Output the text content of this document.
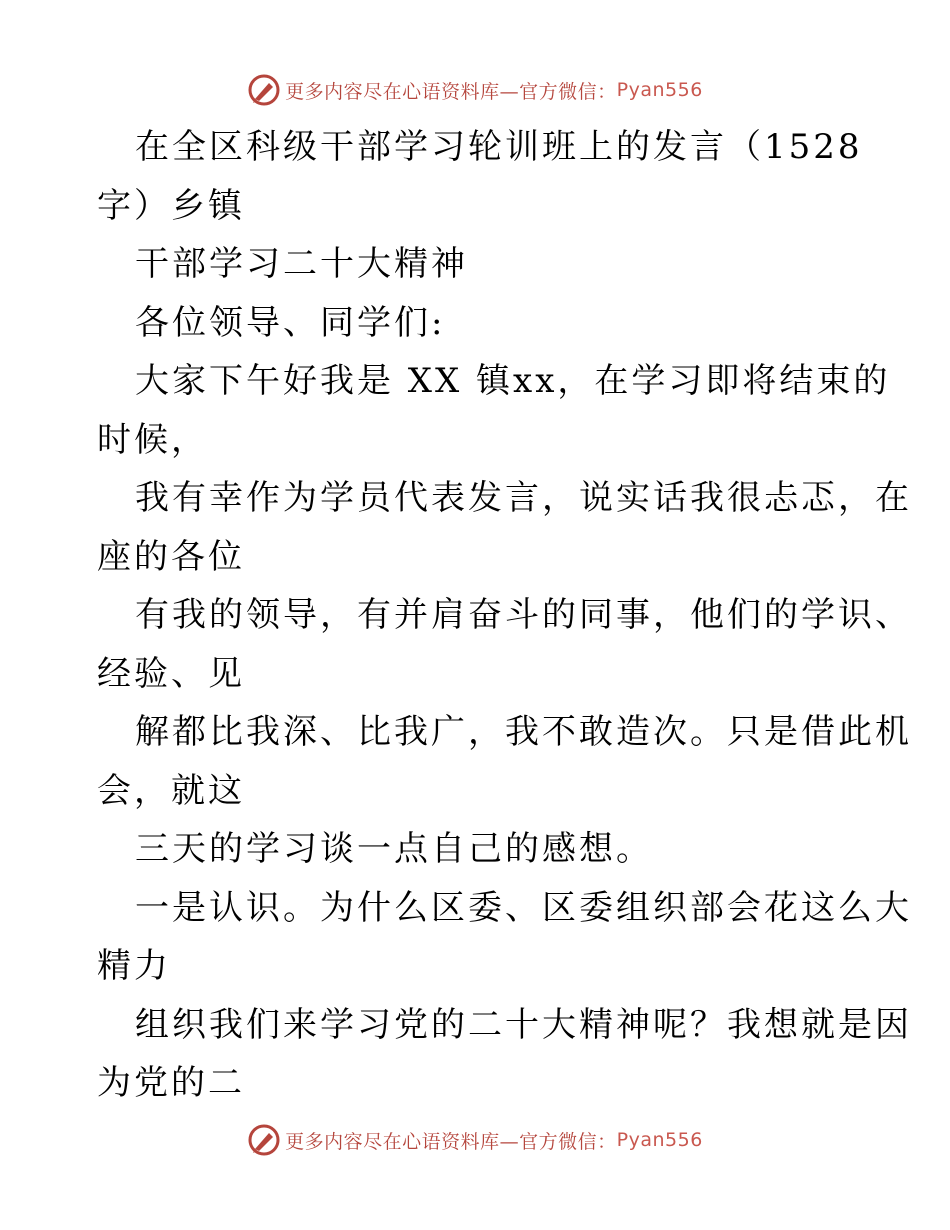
更多内容尽在心语资料库—官方微信： Pyan556
在全区科级干部学习轮训班上的发言（1528
字）乡镇
干部学习二十大精神
各位领导、同学们:
大家下午好我是 XX 镇xx，在学习即将结束的
时候，
我有幸作为学员代表发言，说实话我很忐忑，在
座的各位
有我的领导，有并肩奋斗的同事，他们的学识、
经验、见
解都比我深、比我广，我不敢造次。只是借此机
会，就这
三天的学习谈一点自己的感想。
一是认识。为什么区委、区委组织部会花这么大
精力
组织我们来学习党的二十大精神呢？我想就是因
为党的二
更多内容尽在心语资料库—官方微信： Pyan556
